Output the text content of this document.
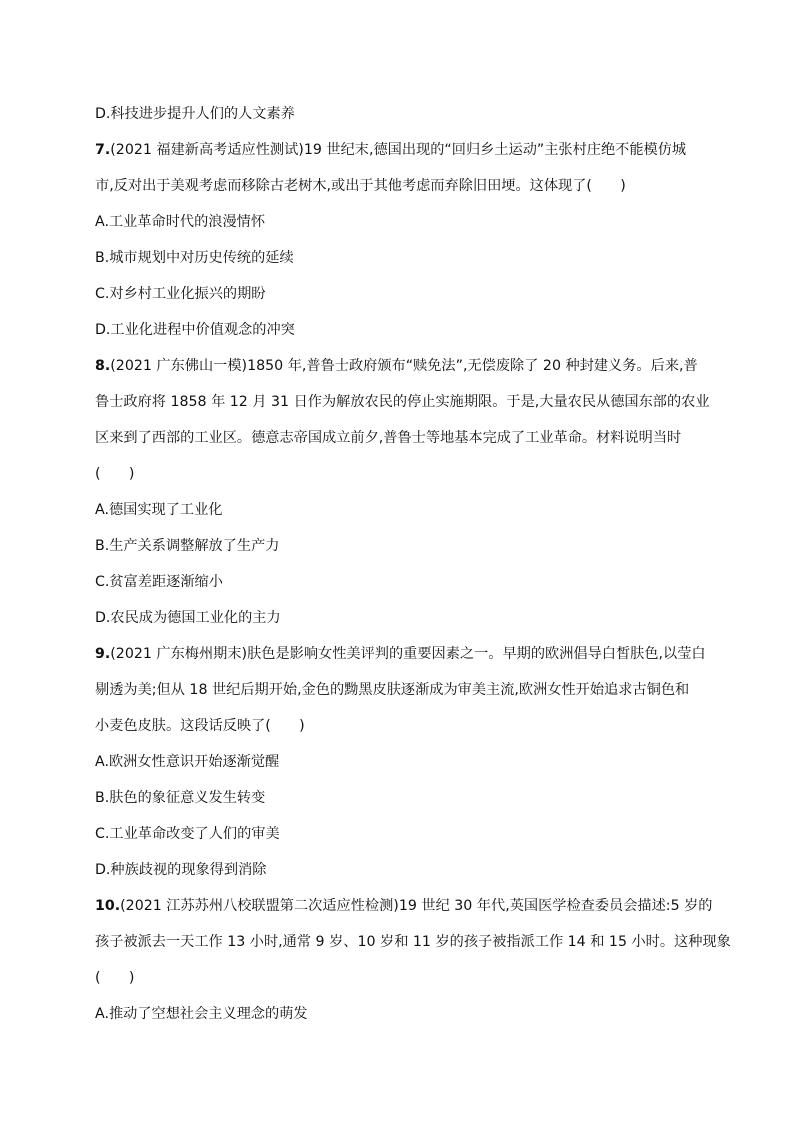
D.科技进步提升人们的人文素养
7.(2021 福建新高考适应性测试)19 世纪末,德国出现的“回归乡土运动”主张村庄绝不能模仿城
市,反对出于美观考虑而移除古老树木,或出于其他考虑而弃除旧田埂。这体现了(　　)
A.工业革命时代的浪漫情怀
B.城市规划中对历史传统的延续
C.对乡村工业化振兴的期盼
D.工业化进程中价值观念的冲突
8.(2021 广东佛山一模)1850 年,普鲁士政府颁布“赎免法”,无偿废除了 20 种封建义务。后来,普
鲁士政府将 1858 年 12 月 31 日作为解放农民的停止实施期限。于是,大量农民从德国东部的农业
区来到了西部的工业区。德意志帝国成立前夕,普鲁士等地基本完成了工业革命。材料说明当时
(　　)
A.德国实现了工业化
B.生产关系调整解放了生产力
C.贫富差距逐渐缩小
D.农民成为德国工业化的主力
9.(2021 广东梅州期末)肤色是影响女性美评判的重要因素之一。早期的欧洲倡导白皙肤色,以莹白
剔透为美;但从 18 世纪后期开始,金色的黝黑皮肤逐渐成为审美主流,欧洲女性开始追求古铜色和
小麦色皮肤。这段话反映了(　　)
A.欧洲女性意识开始逐渐觉醒
B.肤色的象征意义发生转变
C.工业革命改变了人们的审美
D.种族歧视的现象得到消除
10.(2021 江苏苏州八校联盟第二次适应性检测)19 世纪 30 年代,英国医学检查委员会描述:5 岁的
孩子被派去一天工作 13 小时,通常 9 岁、10 岁和 11 岁的孩子被指派工作 14 和 15 小时。这种现象
(　　)
A.推动了空想社会主义理念的萌发
